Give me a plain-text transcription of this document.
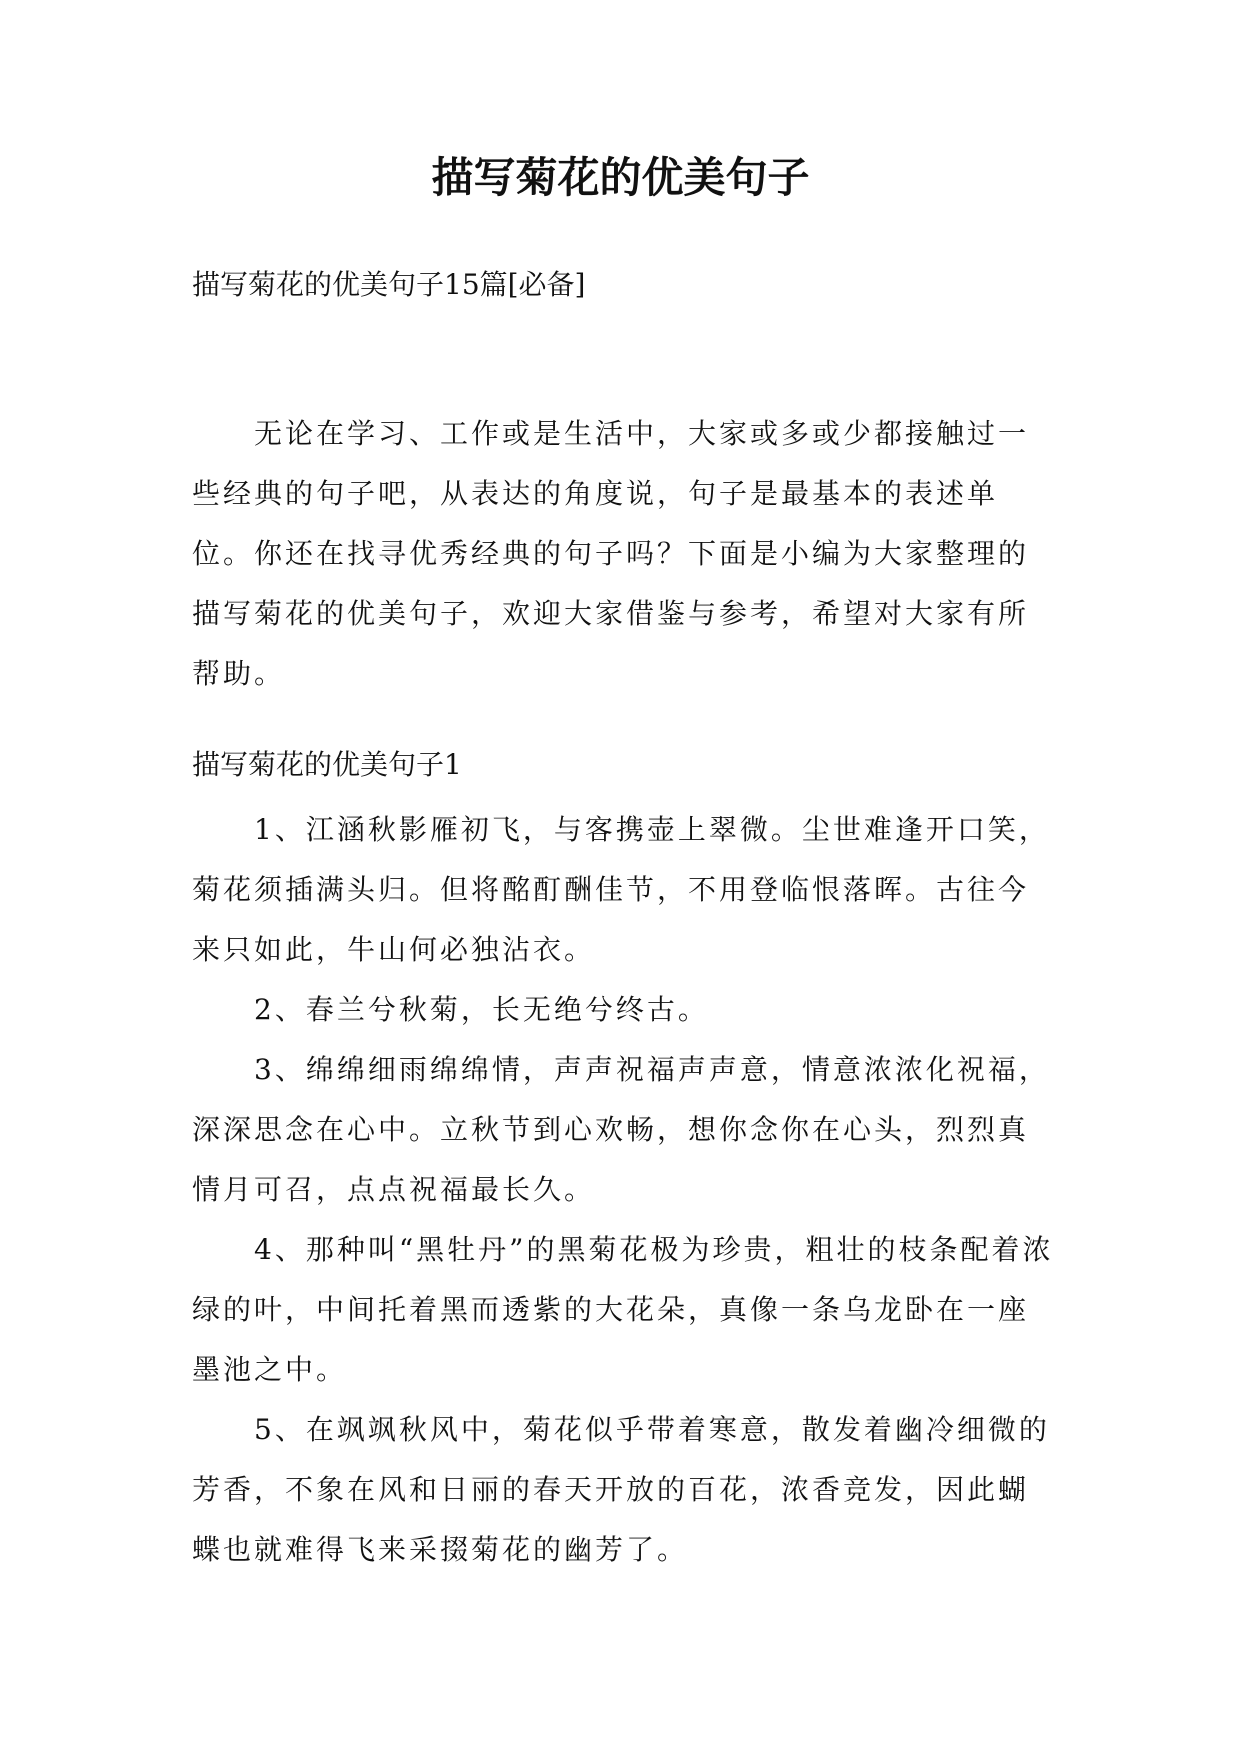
描写菊花的优美句子

描写菊花的优美句子15篇[必备]

无论在学习、工作或是生活中，大家或多或少都接触过一些经典的句子吧，从表达的角度说，句子是最基本的表述单位。你还在找寻优秀经典的句子吗？下面是小编为大家整理的描写菊花的优美句子，欢迎大家借鉴与参考，希望对大家有所帮助。

描写菊花的优美句子1

1、江涵秋影雁初飞，与客携壶上翠微。尘世难逢开口笑，菊花须插满头归。但将酩酊酬佳节，不用登临恨落晖。古往今来只如此，牛山何必独沾衣。

2、春兰兮秋菊，长无绝兮终古。

3、绵绵细雨绵绵情，声声祝福声声意，情意浓浓化祝福，深深思念在心中。立秋节到心欢畅，想你念你在心头，烈烈真情月可召，点点祝福最长久。

4、那种叫“黑牡丹”的黑菊花极为珍贵，粗壮的枝条配着浓绿的叶，中间托着黑而透紫的大花朵，真像一条乌龙卧在一座墨池之中。

5、在飒飒秋风中，菊花似乎带着寒意，散发着幽冷细微的芳香，不象在风和日丽的春天开放的百花，浓香竞发，因此蝴蝶也就难得飞来采掇菊花的幽芳了。
